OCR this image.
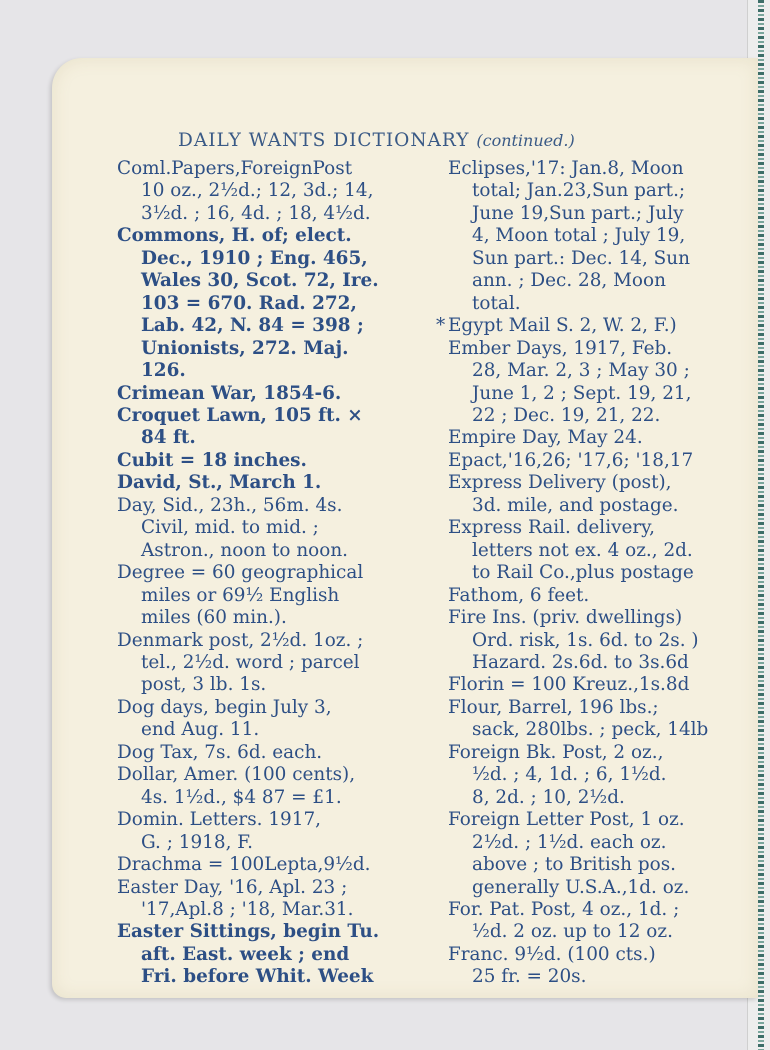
DAILY WANTS DICTIONARY (continued.)

Coml.Papers,ForeignPost
10 oz., 2½d.; 12, 3d.; 14,
3½d. ; 16, 4d. ; 18, 4½d.

Commons, H. of; elect.
Dec., 1910 ; Eng. 465,
Wales 30, Scot. 72, Ire.
103 = 670. Rad. 272,
Lab. 42, N. 84 = 398 ;
Unionists, 272. Maj.
126.

Crimean War, 1854-6.

Croquet Lawn, 105 ft. ×
84 ft.

Cubit = 18 inches.

David, St., March 1.

Day, Sid., 23h., 56m. 4s.
Civil, mid. to mid. ;
Astron., noon to noon.

Degree = 60 geographical
miles or 69½ English
miles (60 min.).

Denmark post, 2½d. 1oz. ;
tel., 2½d. word ; parcel
post, 3 lb. 1s.

Dog days, begin July 3,
end Aug. 11.

Dog Tax, 7s. 6d. each.

Dollar, Amer. (100 cents),
4s. 1½d., $4 87 = £1.

Domin. Letters. 1917,
G. ; 1918, F.

Drachma = 100Lepta,9½d.

Easter Day, '16, Apl. 23 ;
'17,Apl.8 ; '18, Mar.31.

Easter Sittings, begin Tu.
aft. East. week ; end
Fri. before Whit. Week

Eclipses,'17: Jan.8, Moon
total; Jan.23,Sun part.;
June 19,Sun part.; July
4, Moon total ; July 19,
Sun part.: Dec. 14, Sun
ann. ; Dec. 28, Moon
total.

* Egypt Mail S. 2, W. 2, F.)

Ember Days, 1917, Feb.
28, Mar. 2, 3 ; May 30 ;
June 1, 2 ; Sept. 19, 21,
22 ; Dec. 19, 21, 22.

Empire Day, May 24.

Epact,'16,26; '17,6; '18,17

Express Delivery (post),
3d. mile, and postage.

Express Rail. delivery,
letters not ex. 4 oz., 2d.
to Rail Co.,plus postage

Fathom, 6 feet.

Fire Ins. (priv. dwellings)
Ord. risk, 1s. 6d. to 2s. )
Hazard. 2s.6d. to 3s.6d

Florin = 100 Kreuz.,1s.8d

Flour, Barrel, 196 lbs.;
sack, 280lbs. ; peck, 14lb

Foreign Bk. Post, 2 oz.,
½d. ; 4, 1d. ; 6, 1½d.
8, 2d. ; 10, 2½d.

Foreign Letter Post, 1 oz.
2½d. ; 1½d. each oz.
above ; to British pos.
generally U.S.A.,1d. oz.

For. Pat. Post, 4 oz., 1d. ;
½d. 2 oz. up to 12 oz.

Franc. 9½d. (100 cts.)
25 fr. = 20s.
